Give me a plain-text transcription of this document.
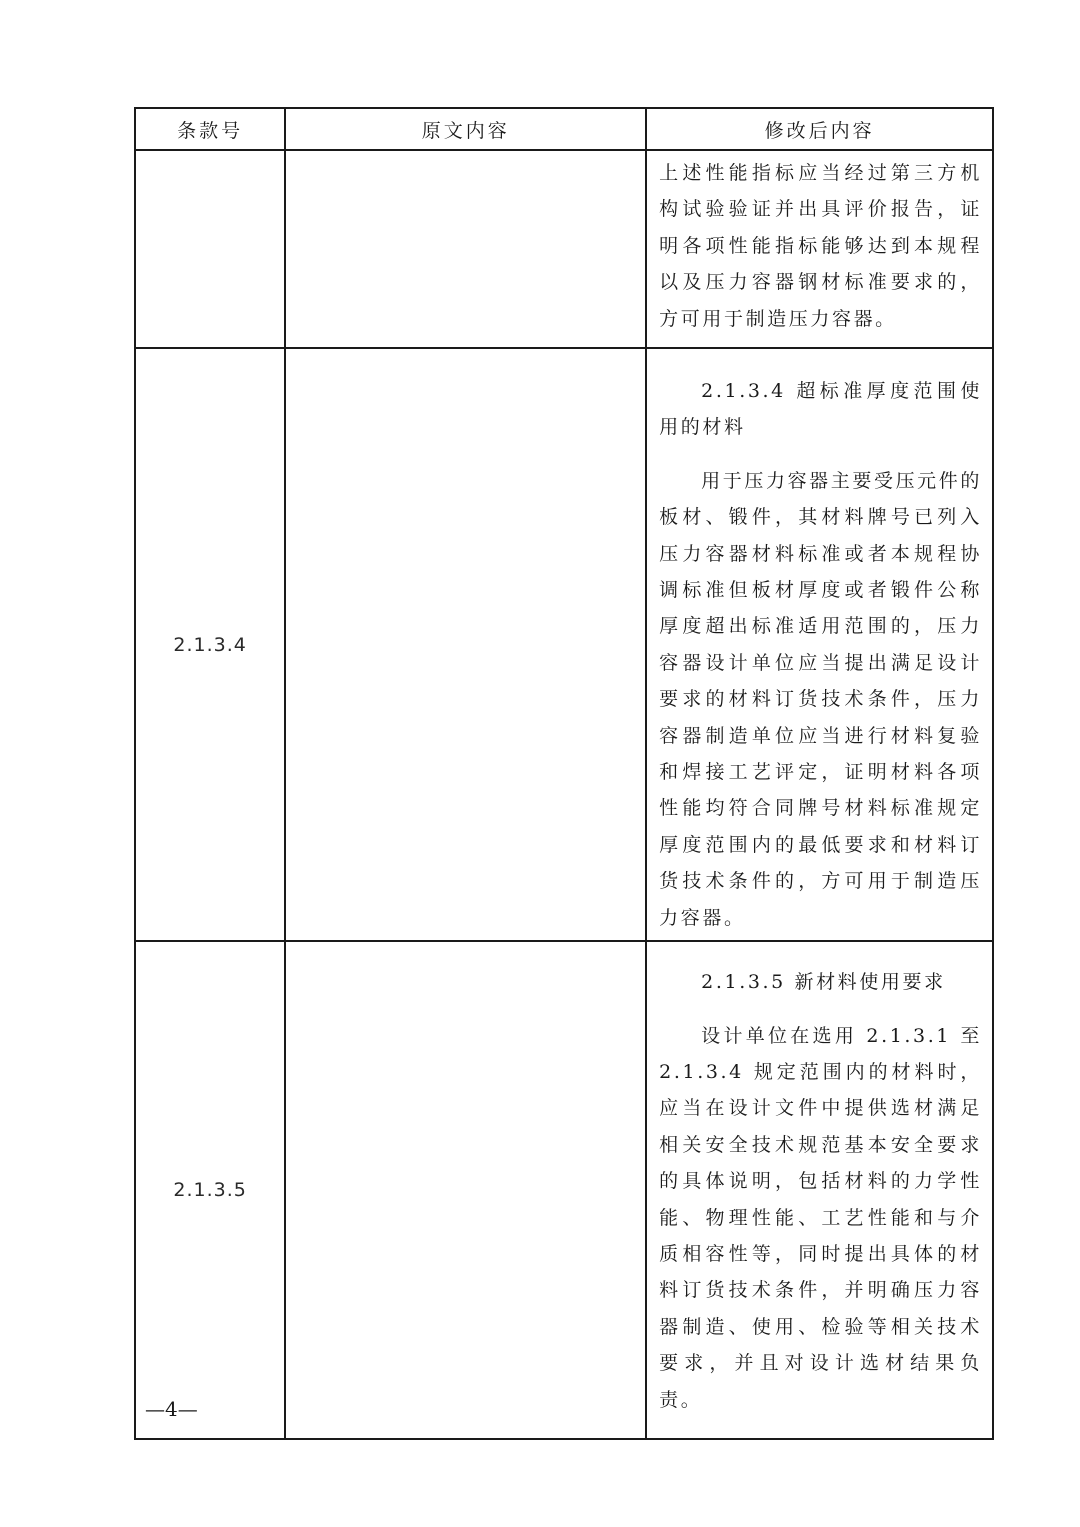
条款号	原文内容	修改后内容

		上述性能指标应当经过第三方机构试验验证并出具评价报告，证明各项性能指标能够达到本规程以及压力容器钢材标准要求的，方可用于制造压力容器。

2.1.3.4		2.1.3.4 超标准厚度范围使用的材料

用于压力容器主要受压元件的板材、锻件，其材料牌号已列入压力容器材料标准或者本规程协调标准但板材厚度或者锻件公称厚度超出标准适用范围的，压力容器设计单位应当提出满足设计要求的材料订货技术条件，压力容器制造单位应当进行材料复验和焊接工艺评定，证明材料各项性能均符合同牌号材料标准规定厚度范围内的最低要求和材料订货技术条件的，方可用于制造压力容器。

2.1.3.5		2.1.3.5 新材料使用要求

设计单位在选用 2.1.3.1 至 2.1.3.4 规定范围内的材料时，应当在设计文件中提供选材满足相关安全技术规范基本安全要求的具体说明，包括材料的力学性能、物理性能、工艺性能和与介质相容性等，同时提出具体的材料订货技术条件，并明确压力容器制造、使用、检验等相关技术要求，并且对设计选材结果负责。

—4—
